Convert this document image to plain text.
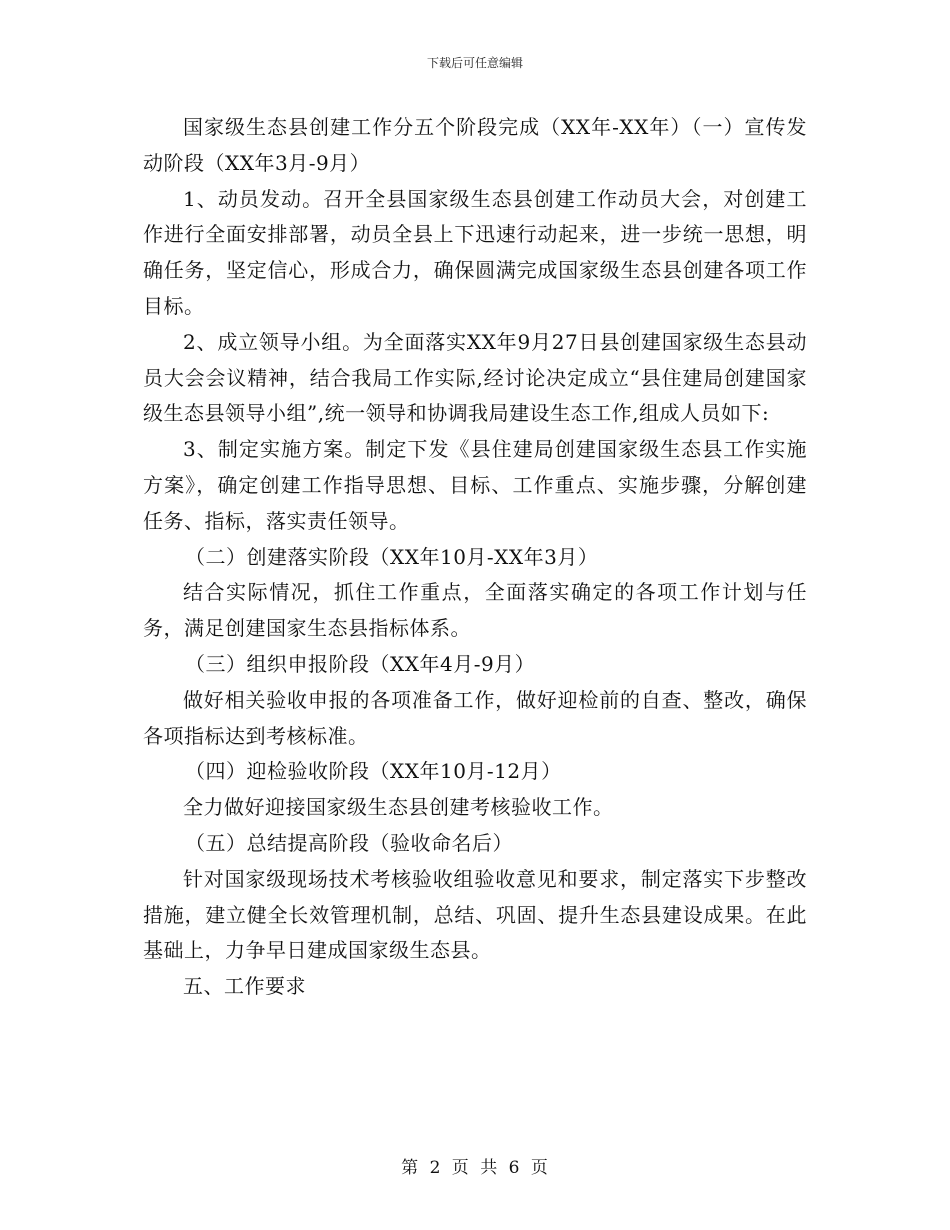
下载后可任意编辑

国家级生态县创建工作分五个阶段完成（XX年-XX年）（一）宣传发动阶段（XX年3月-9月）

1、动员发动。召开全县国家级生态县创建工作动员大会，对创建工作进行全面安排部署，动员全县上下迅速行动起来，进一步统一思想，明确任务，坚定信心，形成合力，确保圆满完成国家级生态县创建各项工作目标。

2、成立领导小组。为全面落实XX年9月27日县创建国家级生态县动员大会会议精神，结合我局工作实际,经讨论决定成立“县住建局创建国家级生态县领导小组”,统一领导和协调我局建设生态工作,组成人员如下:

3、制定实施方案。制定下发《县住建局创建国家级生态县工作实施方案》，确定创建工作指导思想、目标、工作重点、实施步骤，分解创建任务、指标，落实责任领导。

（二）创建落实阶段（XX年10月-XX年3月）

结合实际情况，抓住工作重点，全面落实确定的各项工作计划与任务，满足创建国家生态县指标体系。

（三）组织申报阶段（XX年4月-9月）

做好相关验收申报的各项准备工作，做好迎检前的自查、整改，确保各项指标达到考核标准。

（四）迎检验收阶段（XX年10月-12月）

全力做好迎接国家级生态县创建考核验收工作。

（五）总结提高阶段（验收命名后）

针对国家级现场技术考核验收组验收意见和要求，制定落实下步整改措施，建立健全长效管理机制，总结、巩固、提升生态县建设成果。在此基础上，力争早日建成国家级生态县。

五、工作要求

第 2 页 共 6 页
